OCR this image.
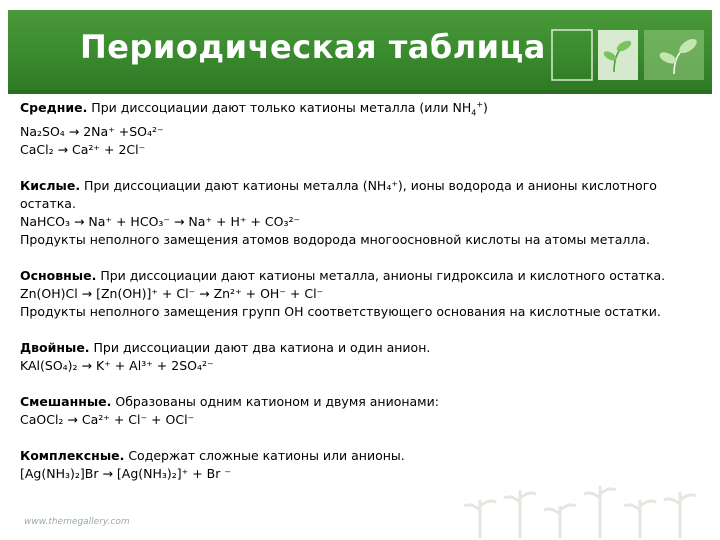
Периодическая таблица
Средние. При диссоциации дают только катионы металла (или $NH_4^+$)
Na₂SO₄ → 2Na⁺ +SO₄²⁻
CaCl₂ → Ca²⁺ + 2Cl⁻
Кислые. При диссоциации дают катионы металла (NH₄⁺), ионы водорода и анионы кислотного
остатка.
NaHCO₃ → Na⁺ + HCO₃⁻ → Na⁺ + H⁺ + CO₃²⁻
Продукты неполного замещения атомов водорода многоосновной кислоты на атомы металла.
Основные. При диссоциации дают катионы металла, анионы гидроксила и кислотного остатка.
Zn(OH)Cl → [Zn(OH)]⁺ + Cl⁻ → Zn²⁺ + OH⁻ + Cl⁻
Продукты неполного замещения групп OH соответствующего основания на кислотные остатки.
Двойные. При диссоциации дают два катиона и один анион.
KAl(SO₄)₂ → K⁺ + Al³⁺ + 2SO₄²⁻
Смешанные. Образованы одним катионом и двумя анионами:
CaOCl₂ → Ca²⁺ + Cl⁻ + OCl⁻
Комплексные. Содержат сложные катионы или анионы.
[Ag(NH₃)₂]Br → [Ag(NH₃)₂]⁺ + Br ⁻
www.themegallery.com
